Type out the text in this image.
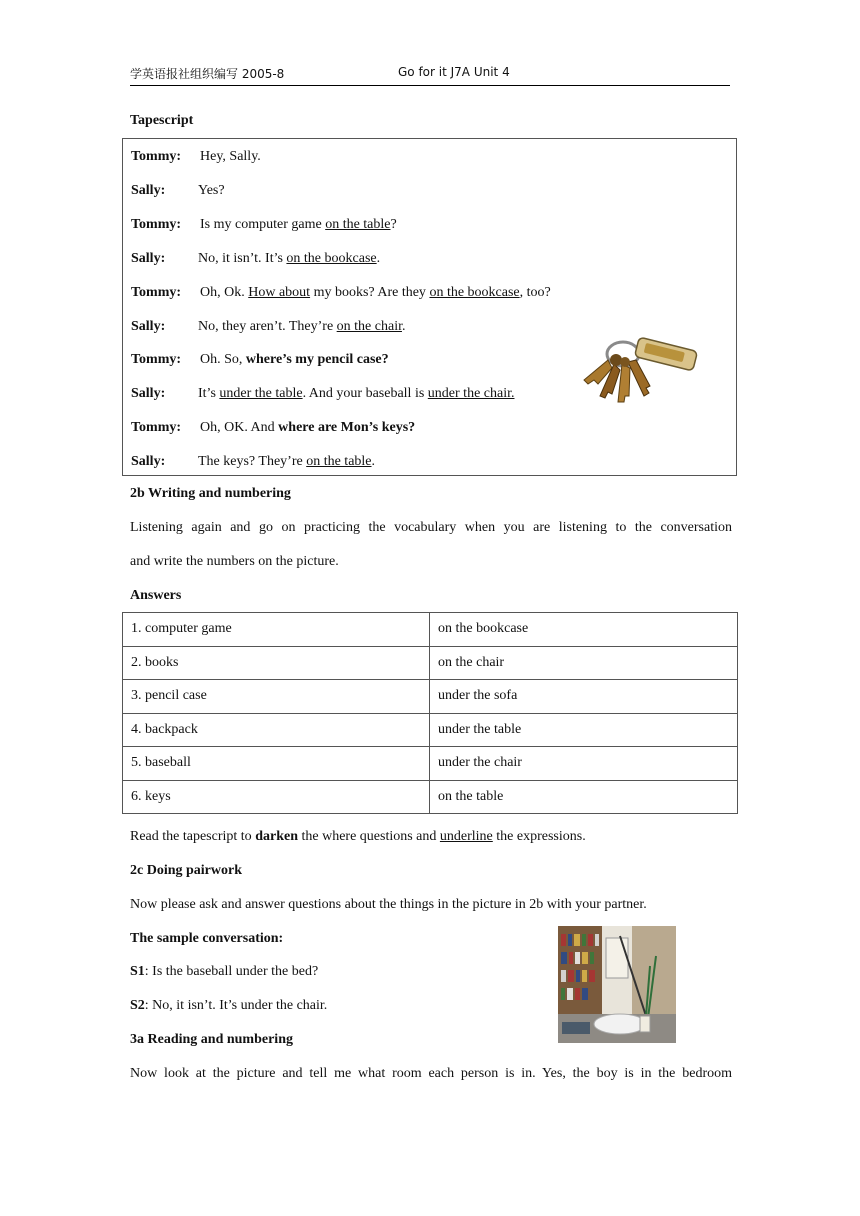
学英语报社组织编写 2005-8	Go for it J7A Unit 4
Tapescript
Tommy: Hey, Sally.
Sally: Yes?
Tommy: Is my computer game on the table?
Sally: No, it isn’t. It’s on the bookcase.
Tommy: Oh, Ok. How about my books? Are they on the bookcase, too?
Sally: No, they aren’t. They’re on the chair.
Tommy: Oh. So, where’s my pencil case?
Sally: It’s under the table. And your baseball is under the chair.
Tommy: Oh, OK. And where are Mon’s keys?
Sally: The keys? They’re on the table.
2b Writing and numbering
Listening again and go on practicing the vocabulary when you are listening to the conversation
and write the numbers on the picture.
Answers
1. computer game	on the bookcase
2. books	on the chair
3. pencil case	under the sofa
4. backpack	under the table
5. baseball	under the chair
6. keys	on the table
Read the tapescript to darken the where questions and underline the expressions.
2c Doing pairwork
Now please ask and answer questions about the things in the picture in 2b with your partner.
The sample conversation:
S1: Is the baseball under the bed?
S2: No, it isn’t. It’s under the chair.
3a Reading and numbering
Now look at the picture and tell me what room each person is in. Yes, the boy is in the bedroom
